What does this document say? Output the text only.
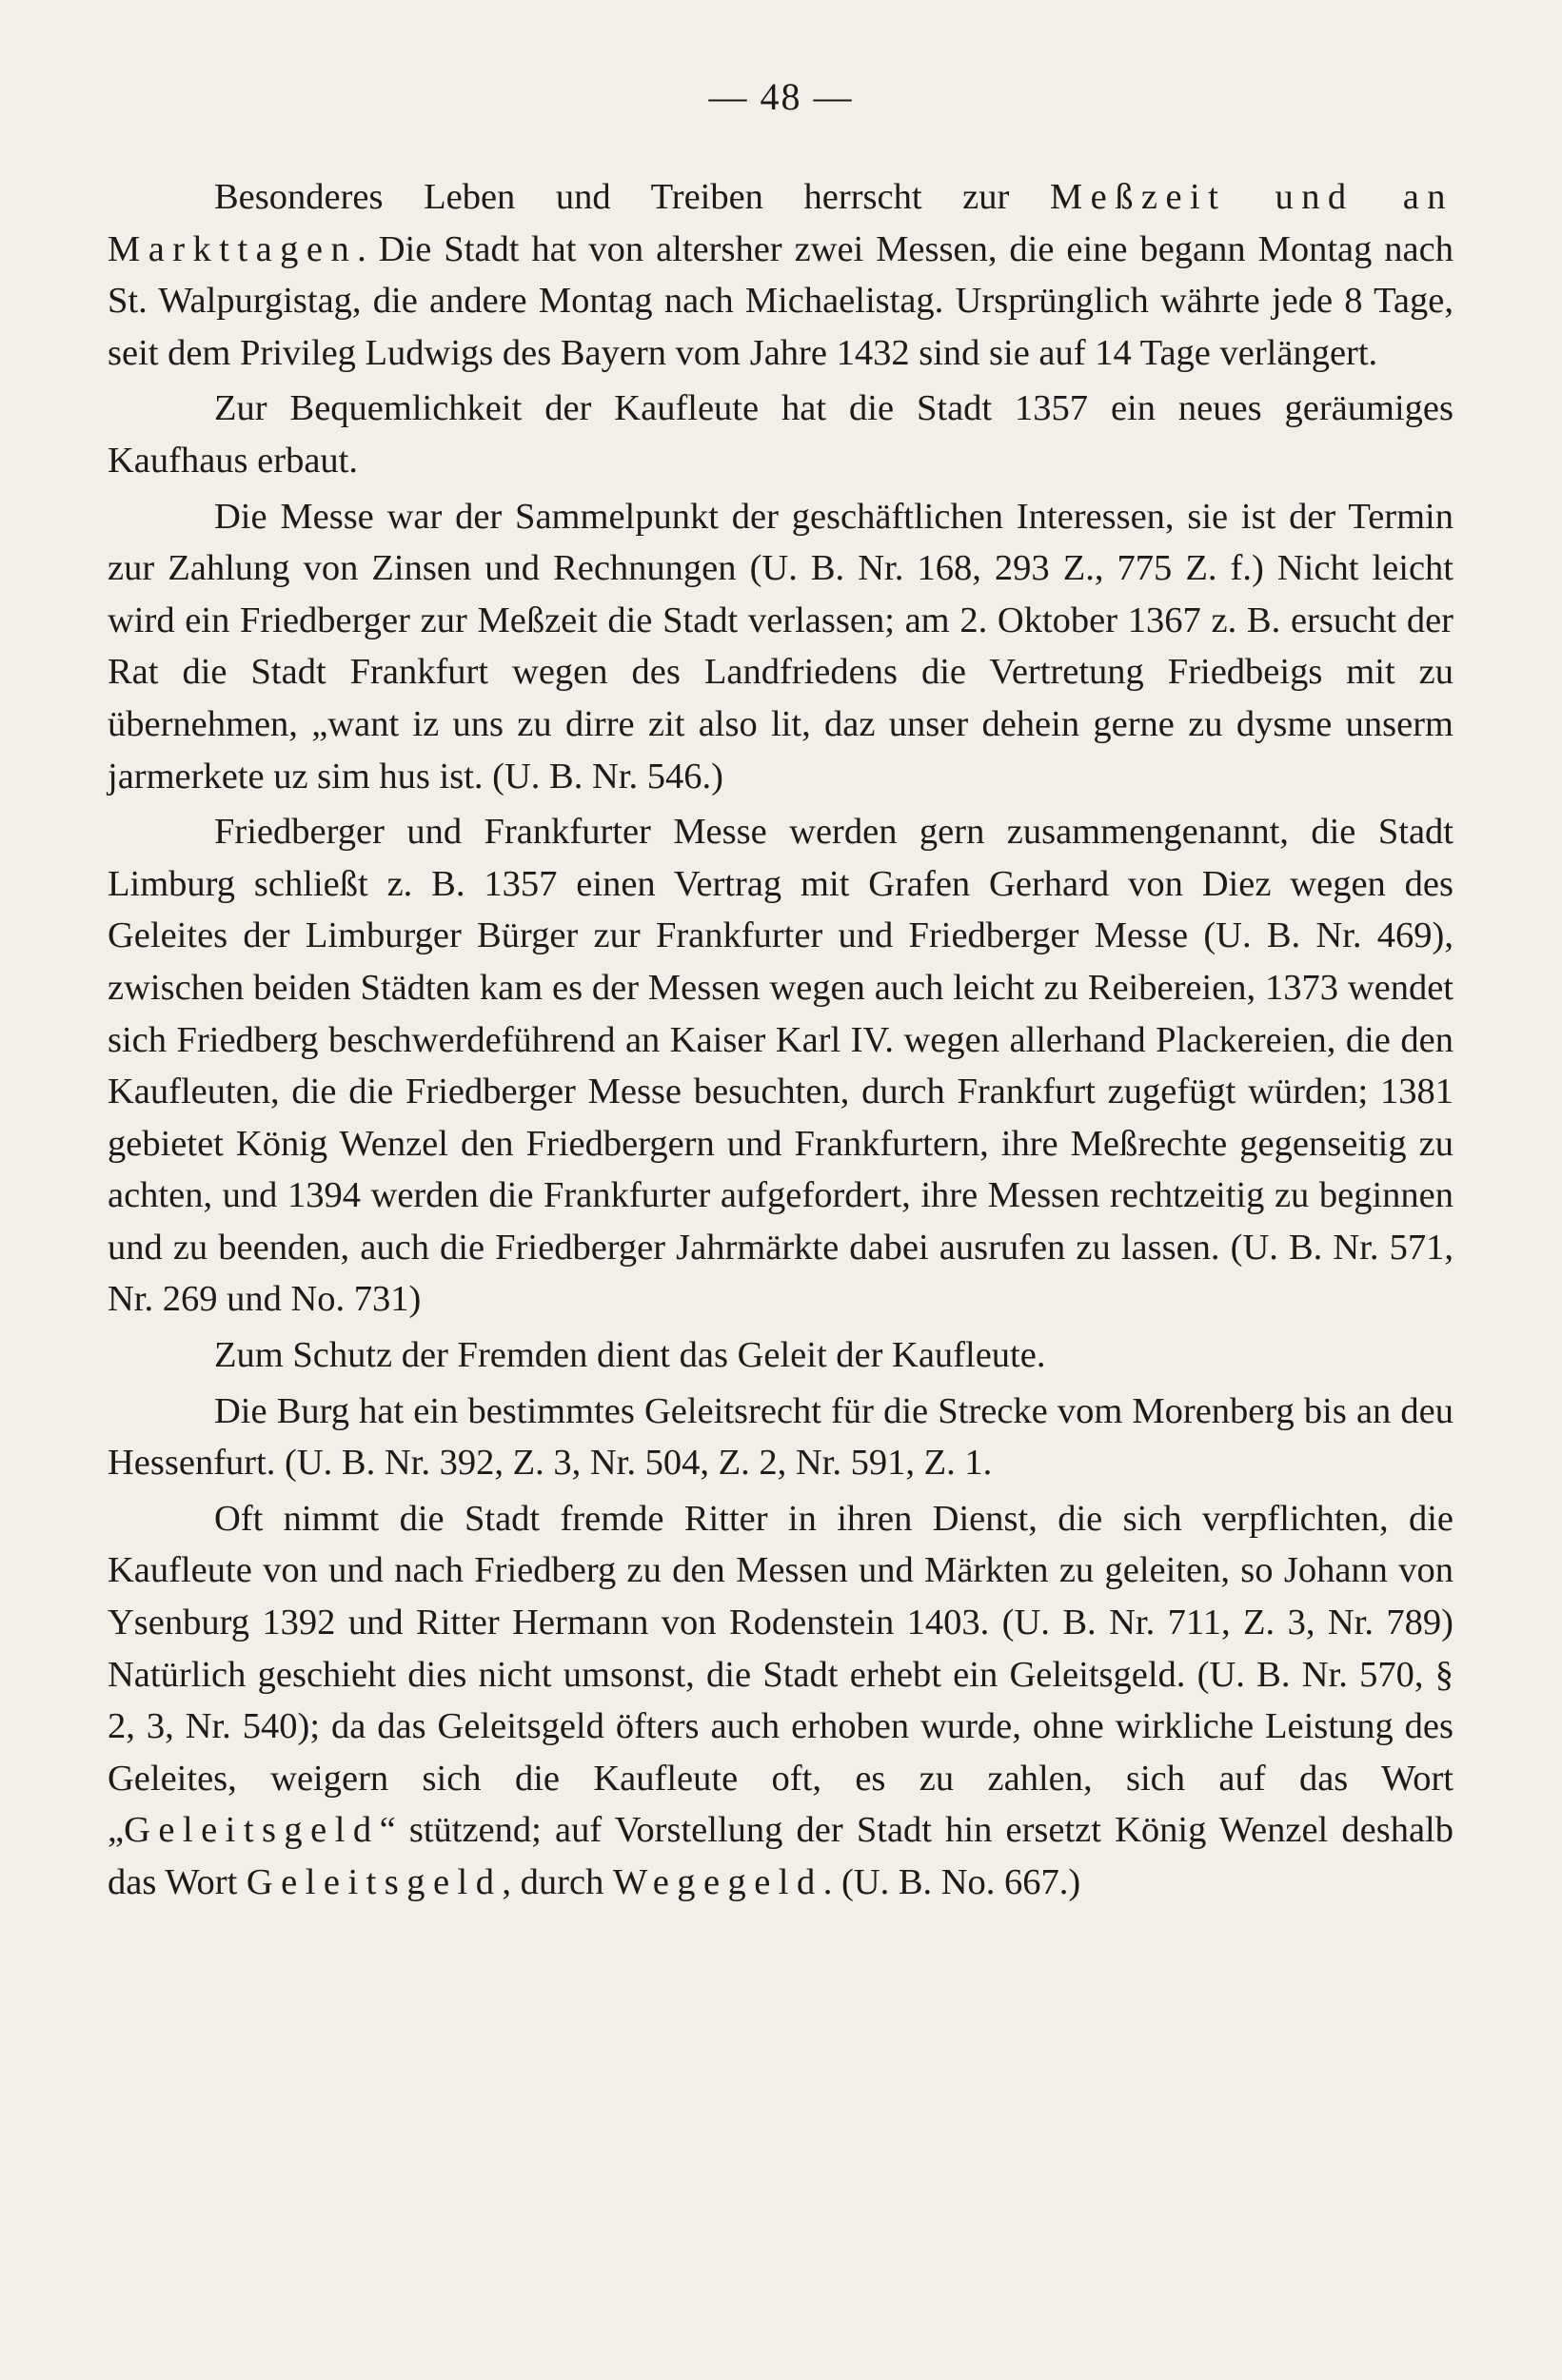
— 48 —

Besonderes Leben und Treiben herrscht zur Meßzeit und an Markttagen. Die Stadt hat von altersher zwei Messen, die eine begann Montag nach St. Walpurgistag, die andere Montag nach Michaelistag. Ursprünglich währte jede 8 Tage, seit dem Privileg Ludwigs des Bayern vom Jahre 1432 sind sie auf 14 Tage verlängert.

Zur Bequemlichkeit der Kaufleute hat die Stadt 1357 ein neues geräumiges Kaufhaus erbaut.

Die Messe war der Sammelpunkt der geschäftlichen Interessen, sie ist der Termin zur Zahlung von Zinsen und Rechnungen (U. B. Nr. 168, 293 Z., 775 Z. f.) Nicht leicht wird ein Friedberger zur Meßzeit die Stadt verlassen; am 2. Oktober 1367 z. B. ersucht der Rat die Stadt Frankfurt wegen des Landfriedens die Vertretung Friedbeigs mit zu übernehmen, „want iz uns zu dirre zit also lit, daz unser dehein gerne zu dysme unserm jarmerkete uz sim hus ist. (U. B. Nr. 546.)

Friedberger und Frankfurter Messe werden gern zusammengenannt, die Stadt Limburg schließt z. B. 1357 einen Vertrag mit Grafen Gerhard von Diez wegen des Geleites der Limburger Bürger zur Frankfurter und Friedberger Messe (U. B. Nr. 469), zwischen beiden Städten kam es der Messen wegen auch leicht zu Reibereien, 1373 wendet sich Friedberg beschwerdeführend an Kaiser Karl IV. wegen allerhand Plackereien, die den Kaufleuten, die die Friedberger Messe besuchten, durch Frankfurt zugefügt würden; 1381 gebietet König Wenzel den Friedbergern und Frankfurtern, ihre Meßrechte gegenseitig zu achten, und 1394 werden die Frankfurter aufgefordert, ihre Messen rechtzeitig zu beginnen und zu beenden, auch die Friedberger Jahrmärkte dabei ausrufen zu lassen. (U. B. Nr. 571, Nr. 269 und No. 731)

Zum Schutz der Fremden dient das Geleit der Kaufleute.

Die Burg hat ein bestimmtes Geleitsrecht für die Strecke vom Morenberg bis an deu Hessenfurt. (U. B. Nr. 392, Z. 3, Nr. 504, Z. 2, Nr. 591, Z. 1.

Oft nimmt die Stadt fremde Ritter in ihren Dienst, die sich verpflichten, die Kaufleute von und nach Friedberg zu den Messen und Märkten zu geleiten, so Johann von Ysenburg 1392 und Ritter Hermann von Rodenstein 1403. (U. B. Nr. 711, Z. 3, Nr. 789) Natürlich geschieht dies nicht umsonst, die Stadt erhebt ein Geleitsgeld. (U. B. Nr. 570, § 2, 3, Nr. 540); da das Geleitsgeld öfters auch erhoben wurde, ohne wirkliche Leistung des Geleites, weigern sich die Kaufleute oft, es zu zahlen, sich auf das Wort „Geleitsgeld“ stützend; auf Vorstellung der Stadt hin ersetzt König Wenzel deshalb das Wort Geleitsgeld, durch Wegegeld. (U. B. No. 667.)
